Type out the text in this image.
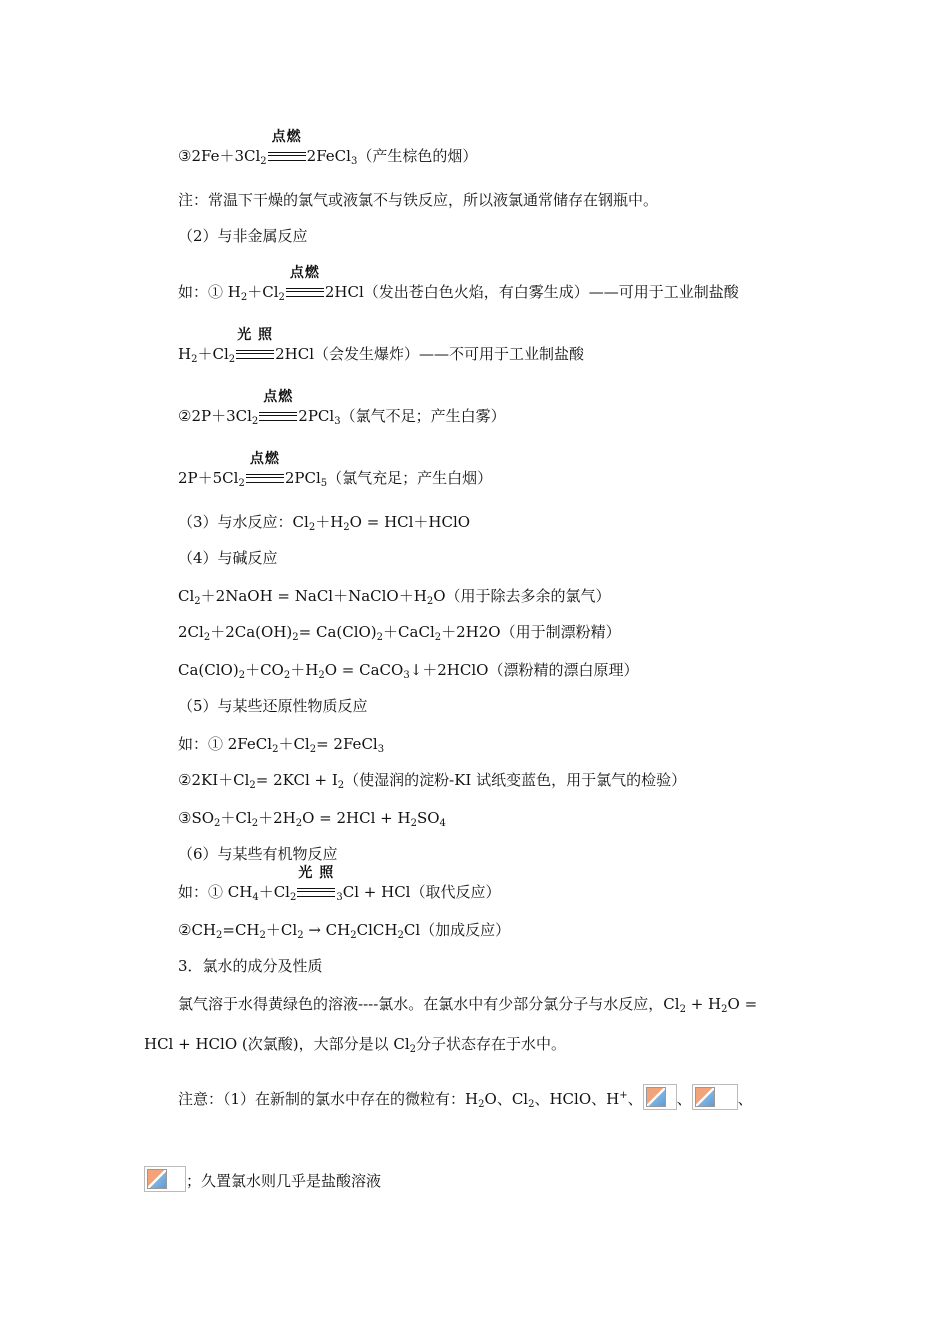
$③2Fe+3Cl_2$
点燃
2FeCl$_3$（产生棕色的烟）
注：常温下干燥的氯气或液氯不与铁反应，所以液氯通常储存在钢瓶中。
（2）与非金属反应
如：① $H_2+Cl_2$
点燃
2HCl（发出苍白色火焰，有白雾生成）——可用于工业制盐酸
$H_2+Cl_2$
光 照
2HCl（会发生爆炸）——不可用于工业制盐酸
$②2P+3Cl_2$
点燃
2PCl$_3$（氯气不足；产生白雾）
$2P+5Cl_2$
点燃
2PCl$_5$（氯气充足；产生白烟）
（3）与水反应：$Cl_2+H_2O$ = HCl＋HClO
（4）与碱反应
$Cl_2+2NaOH$ = $NaCl+NaClO+H_2O$（用于除去多余的氯气）
$2Cl_2+2Ca(OH)_2=$ $Ca(ClO)_2+CaCl_2+2H2O$（用于制漂粉精）
$Ca(ClO)_2+CO_2+H_2O$ = CaCO$_3$↓＋2HClO（漂粉精的漂白原理）
（5）与某些还原性物质反应
如：① $2FeCl_2+Cl_2=$ 2FeCl$_3$
$②2KI+Cl_2= 2KCl + I_2$（使湿润的淀粉-KI 试纸变蓝色，用于氯气的检验）
$③SO_2+Cl_2+2H_2O = 2HCl + H_2SO_4$
（6）与某些有机物反应
如：① $CH_4+Cl_2$
光 照
$_3$Cl + HCl（取代反应）
$②CH_2=CH_2+Cl_2$ → $CH_2ClCH_2Cl$（加成反应）
3．氯水的成分及性质
氯气溶于水得黄绿色的溶液----氯水。在氯水中有少部分氯分子与水反应，$Cl_2 + H_2O$ =
HCl + HClO (次氯酸)，大部分是以 $Cl_2$分子状态存在于水中。
注意：（1）在新制的氯水中存在的微粒有：$H_2O$、$Cl_2$、HClO、H+、 、	、
；久置氯水则几乎是盐酸溶液
